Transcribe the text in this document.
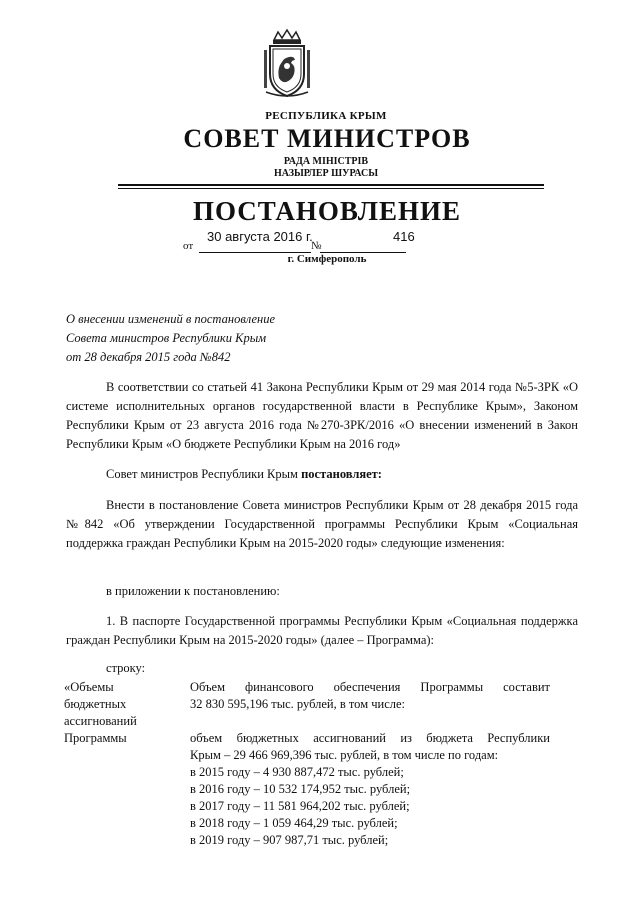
РЕСПУБЛИКА КРЫМ
СОВЕТ МИНИСТРОВ
РАДА МІНІСТРІВ
НАЗЫРЛЕР ШУРАСЫ
ПОСТАНОВЛЕНИЕ
30 августа 2016 г.	416
от	№
г. Симферополь
О внесении изменений в постановление
Совета министров Республики Крым
от 28 декабря 2015 года №842
В соответствии со статьей 41 Закона Республики Крым от 29 мая 2014 года №5-ЗРК «О системе исполнительных органов государственной власти в Республике Крым», Законом Республики Крым от 23 августа 2016 года №270-ЗРК/2016 «О внесении изменений в Закон Республики Крым «О бюджете Республики Крым на 2016 год»
Совет министров Республики Крым постановляет:
Внести в постановление Совета министров Республики Крым от 28 декабря 2015 года №842 «Об утверждении Государственной программы Республики Крым «Социальная поддержка граждан Республики Крым на 2015-2020 годы» следующие изменения:
в приложении к постановлению:
1. В паспорте Государственной программы Республики Крым «Социальная поддержка граждан Республики Крым на 2015-2020 годы» (далее – Программа):
строку:
«Объемы
бюджетных
ассигнований
Программы
Объем финансового обеспечения Программы составит
32 830 595,196 тыс. рублей, в том числе:
объем бюджетных ассигнований из бюджета Республики
Крым – 29 466 969,396 тыс. рублей, в том числе по годам:
в 2015 году – 4 930 887,472 тыс. рублей;
в 2016 году – 10 532 174,952 тыс. рублей;
в 2017 году – 11 581 964,202 тыс. рублей;
в 2018 году – 1 059 464,29 тыс. рублей;
в 2019 году – 907 987,71 тыс. рублей;
